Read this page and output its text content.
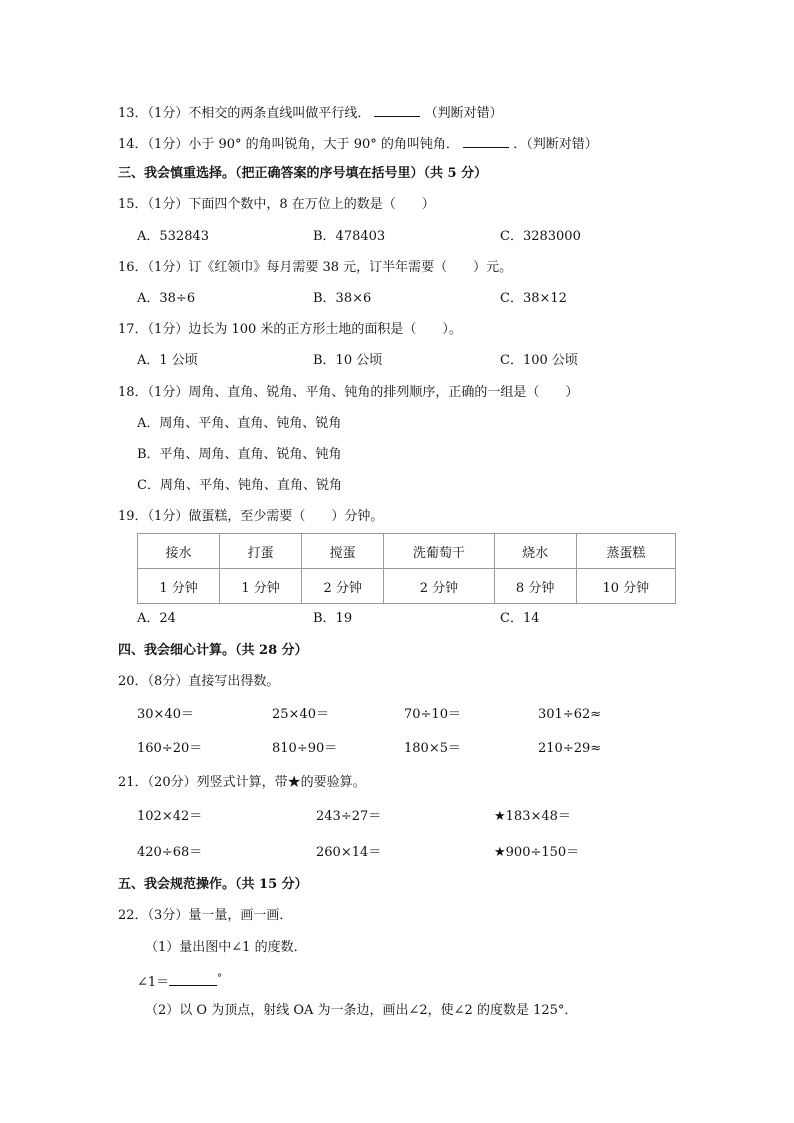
13．（1分）不相交的两条直线叫做平行线．	（判断对错）
14．（1分）小于 90° 的角叫锐角，大于 90° 的角叫钝角．	．（判断对错）
三、我会慎重选择。（把正确答案的序号填在括号里）（共 5 分）
15．（1分）下面四个数中，8 在万位上的数是（　　）
A．532843	B．478403	C．3283000
16．（1分）订《红领巾》每月需要 38 元，订半年需要（　　）元。
A．38÷6	B．38×6	C．38×12
17．（1分）边长为 100 米的正方形土地的面积是（　　）。
A．1 公顷	B．10 公顷	C．100 公顷
18．（1分）周角、直角、锐角、平角、钝角的排列顺序，正确的一组是（　　）
A．周角、平角、直角、钝角、锐角
B．平角、周角、直角、锐角、钝角
C．周角、平角、钝角、直角、锐角
19．（1分）做蛋糕，至少需要（　　）分钟。
接水	打蛋	搅蛋	洗葡萄干	烧水	蒸蛋糕
1 分钟	1 分钟	2 分钟	2 分钟	8 分钟	10 分钟
A．24	B．19	C．14
四、我会细心计算。（共 28 分）
20．（8分）直接写出得数。
30×40＝	25×40＝	70÷10＝	301÷62≈
160÷20＝	810÷90＝	180×5＝	210÷29≈
21．（20分）列竖式计算，带★的要验算。
102×42＝	243÷27＝	★183×48＝
420÷68＝	260×14＝	★900÷150＝
五、我会规范操作。（共 15 分）
22．（3分）量一量，画一画．
（1）量出图中∠1 的度数．
∠1＝	°
（2）以 O 为顶点，射线 OA 为一条边，画出∠2，使∠2 的度数是 125°．
